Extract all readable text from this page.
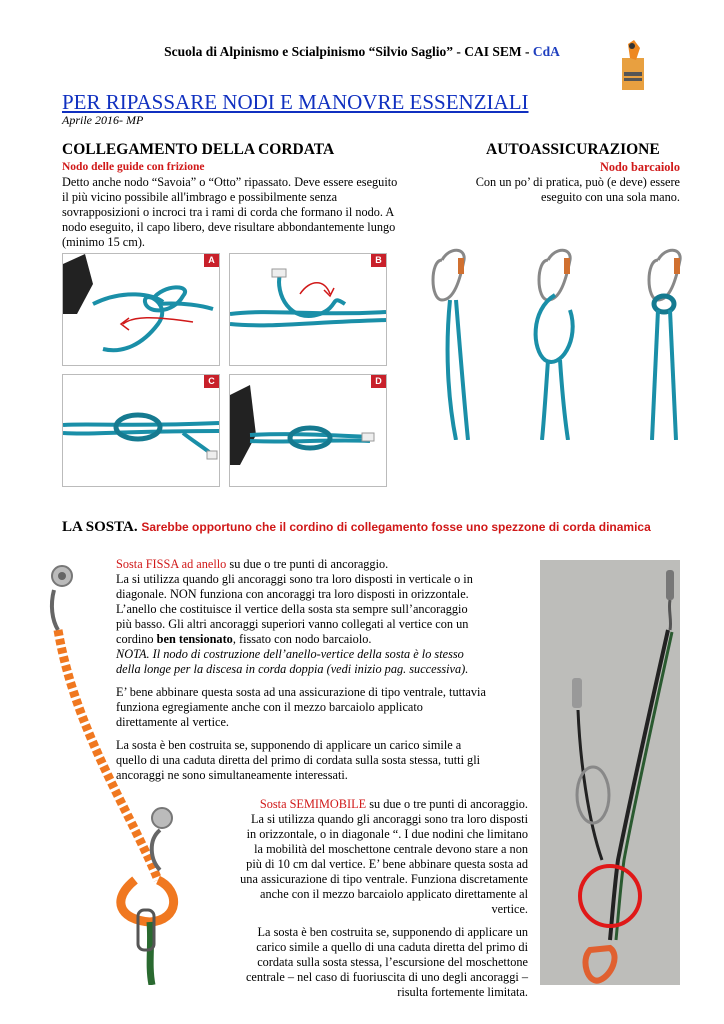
Scuola di Alpinismo e Scialpinismo “Silvio Saglio” - CAI SEM - CdA
PER RIPASSARE NODI E MANOVRE ESSENZIALI
Aprile 2016- MP
COLLEGAMENTO DELLA CORDATA
Nodo delle guide con frizione
Detto anche nodo “Savoia” o “Otto” ripassato. Deve essere eseguito il più vicino possibile all'imbrago e possibilmente senza sovrapposizioni o incroci tra i rami di corda che formano il nodo. A nodo eseguito, il capo libero, deve risultare abbondantemente lungo (minimo 15 cm).
AUTOASSICURAZIONE
Nodo barcaiolo
Con un po’ di pratica, può (e deve) essere eseguito con una sola mano.
A	B
C	D
LA SOSTA. Sarebbe opportuno che il cordino di collegamento fosse uno spezzone di corda dinamica

Sosta FISSA ad anello su due o tre punti di ancoraggio.
La si utilizza quando gli ancoraggi sono tra loro disposti in verticale o in diagonale. NON funziona con ancoraggi tra loro disposti in orizzontale. L’anello che costituisce il vertice della sosta sta sempre sull’ancoraggio più basso. Gli altri ancoraggi superiori vanno collegati al vertice con un cordino ben tensionato, fissato con nodo barcaiolo.
NOTA. Il nodo di costruzione dell’anello-vertice della sosta è lo stesso della longe per la discesa in corda doppia (vedi inizio pag. successiva).

E’ bene abbinare questa sosta ad una assicurazione di tipo ventrale, tuttavia funziona egregiamente anche con il mezzo barcaiolo applicato direttamente al vertice.

La sosta è ben costruita se, supponendo di applicare un carico simile a quello di una caduta diretta del primo di cordata sulla sosta stessa, tutti gli ancoraggi ne sono simultaneamente interessati.

Sosta SEMIMOBILE su due o tre punti di ancoraggio.
La si utilizza quando gli ancoraggi sono tra loro disposti in orizzontale, o in diagonale “. I due nodini che limitano la mobilità del moschettone centrale devono stare a non più di 10 cm dal vertice. E’ bene abbinare questa sosta ad una assicurazione di tipo ventrale. Funziona discretamente anche con il mezzo barcaiolo applicato direttamente al vertice.

La sosta è ben costruita se, supponendo di applicare un carico simile a quello di una caduta diretta del primo di cordata sulla sosta stessa, l’escursione del moschettone centrale – nel caso di fuoriuscita di uno degli ancoraggi – risulta fortemente limitata.
